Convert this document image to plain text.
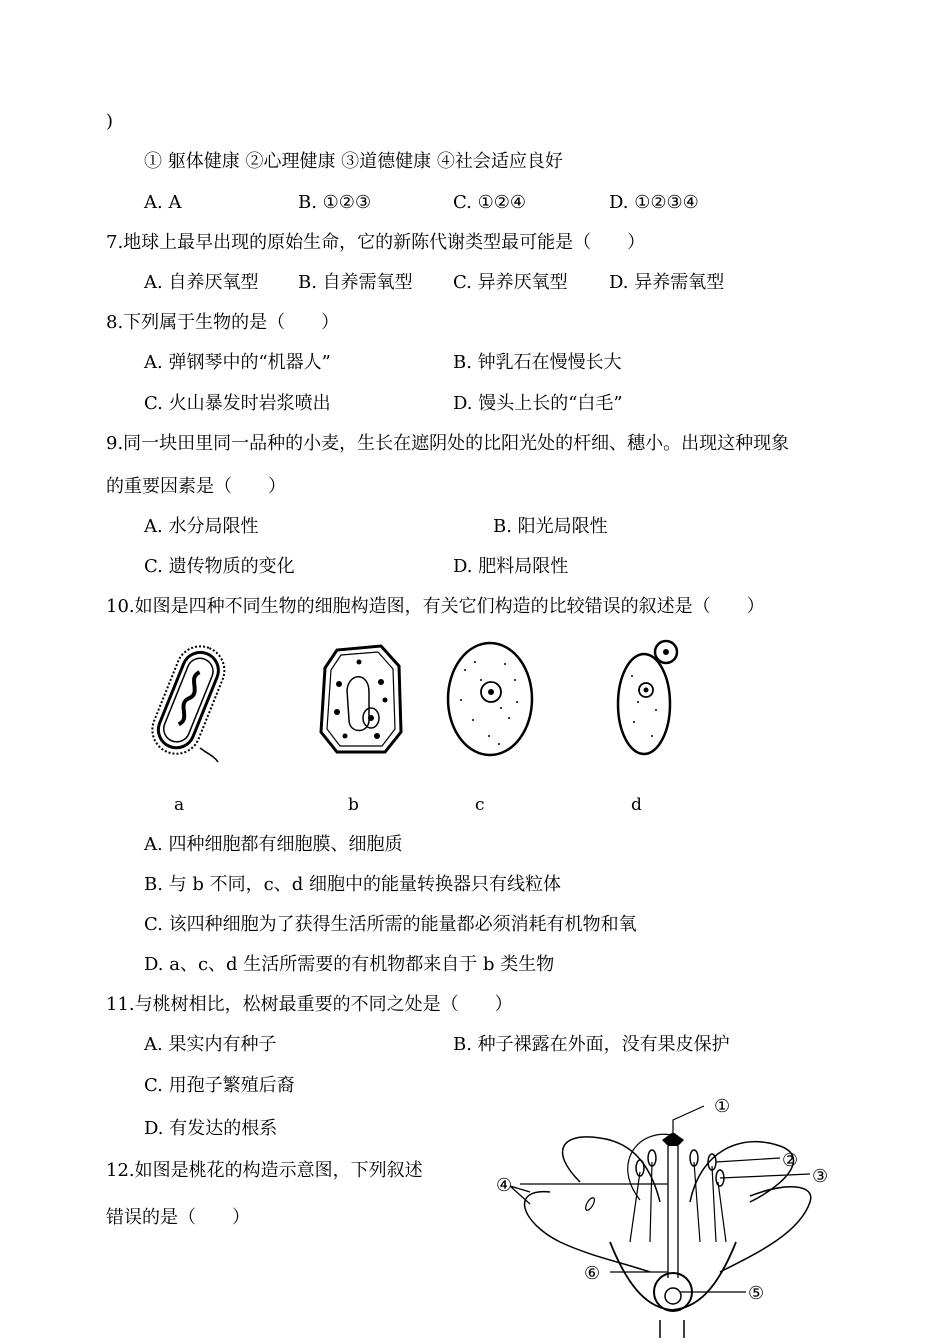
)
① 躯体健康 ②心理健康 ③道德健康 ④社会适应良好
A. A	B. ①②③	C. ①②④	D. ①②③④
7.地球上最早出现的原始生命，它的新陈代谢类型最可能是（　　）
A. 自养厌氧型 B. 自养需氧型 C. 异养厌氧型 D. 异养需氧型
8.下列属于生物的是（　　）
A. 弹钢琴中的“机器人”	B. 钟乳石在慢慢长大
C. 火山暴发时岩浆喷出	D. 馒头上长的“白毛”
9.同一块田里同一品种的小麦，生长在遮阴处的比阳光处的杆细、穗小。出现这种现象
的重要因素是（　　）
A. 水分局限性	B. 阳光局限性
C. 遗传物质的变化	D. 肥料局限性
10.如图是四种不同生物的细胞构造图，有关它们构造的比较错误的叙述是（　　）
a	b	c	d
A. 四种细胞都有细胞膜、细胞质
B. 与 b 不同，c、d 细胞中的能量转换器只有线粒体
C. 该四种细胞为了获得生活所需的能量都必须消耗有机物和氧
D. a、c、d 生活所需要的有机物都来自于 b 类生物
11.与桃树相比，松树最重要的不同之处是（　　）
A. 果实内有种子	B. 种子裸露在外面，没有果皮保护
C. 用孢子繁殖后裔
D. 有发达的根系
12.如图是桃花的构造示意图，下列叙述
错误的是（　　）
①
②
③
④
⑤
⑥
